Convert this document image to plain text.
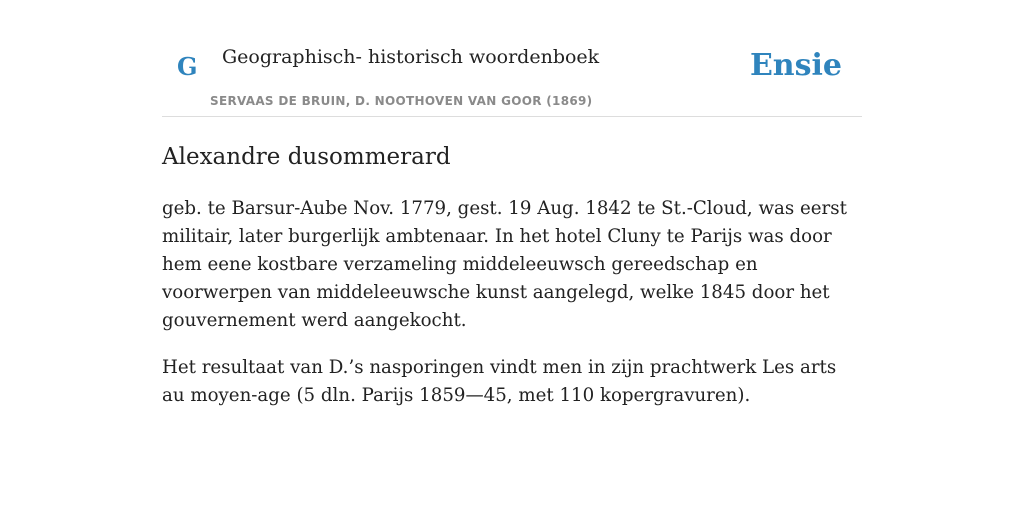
G Geographisch- historisch woordenboek
SERVAAS DE BRUIN, D. NOOTHOVEN VAN GOOR (1869)
Ensie
Alexandre dusommerard

geb. te Barsur-Aube Nov. 1779, gest. 19 Aug. 1842 te St.-Cloud, was eerst militair, later burgerlijk ambtenaar. In het hotel Cluny te Parijs was door hem eene kostbare verzameling middeleeuwsch gereedschap en voorwerpen van middeleeuwsche kunst aangelegd, welke 1845 door het gouvernement werd aangekocht.

Het resultaat van D.’s nasporingen vindt men in zijn prachtwerk Les arts au moyen-age (5 dln. Parijs 1859—45, met 110 kopergravuren).
